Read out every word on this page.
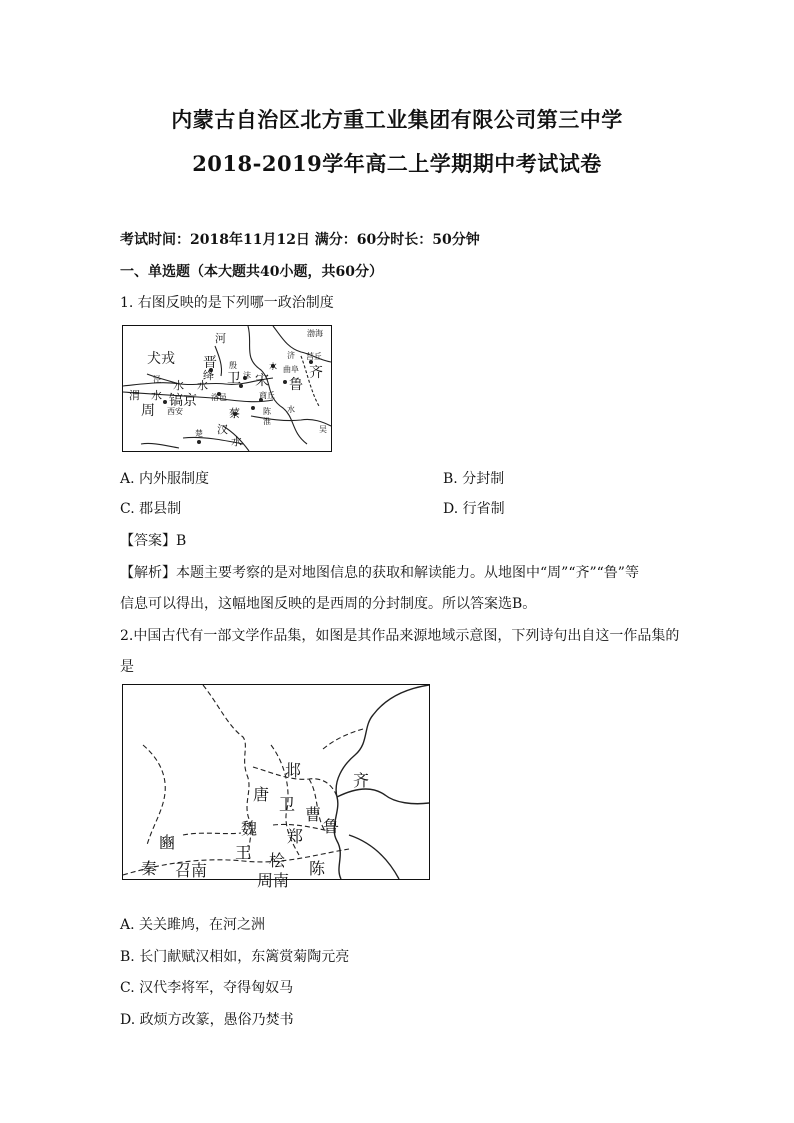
内蒙古自治区北方重工业集团有限公司第三中学
2018-2019学年高二上学期期中考试试卷
考试时间：2018年11月12日 满分：60分时长：50分钟
一、单选题（本大题共40小题，共60分）
1. 右图反映的是下列哪一政治制度
河	渤海
犬戎 晋 殷
济 莒丘
绛 卫 沫 宋
水 曲阜 齐
泾 水 水	鲁
渭 水 镐京 洛邑	商丘
周 西安	蔡	陈 水
淮
楚 汉
水
吴
A. 内外服制度	B. 分封制
C. 郡县制	D. 行省制
【答案】B
【解析】本题主要考察的是对地图信息的获取和解读能力。从地图中“周”“齐”“鲁”等
信息可以得出，这幅地图反映的是西周的分封制度。所以答案选B。
2.中国古代有一部文学作品集，如图是其作品来源地域示意图，下列诗句出自这一作品集的
是
邶
齐
唐
卫
曹
鲁
魏 郑
豳
王 桧
秦 召南
周南
陈
A. 关关雎鸠，在河之洲
B. 长门献赋汉相如，东篱赏菊陶元亮
C. 汉代李将军，夺得匈奴马
D. 政烦方改篆，愚俗乃焚书
